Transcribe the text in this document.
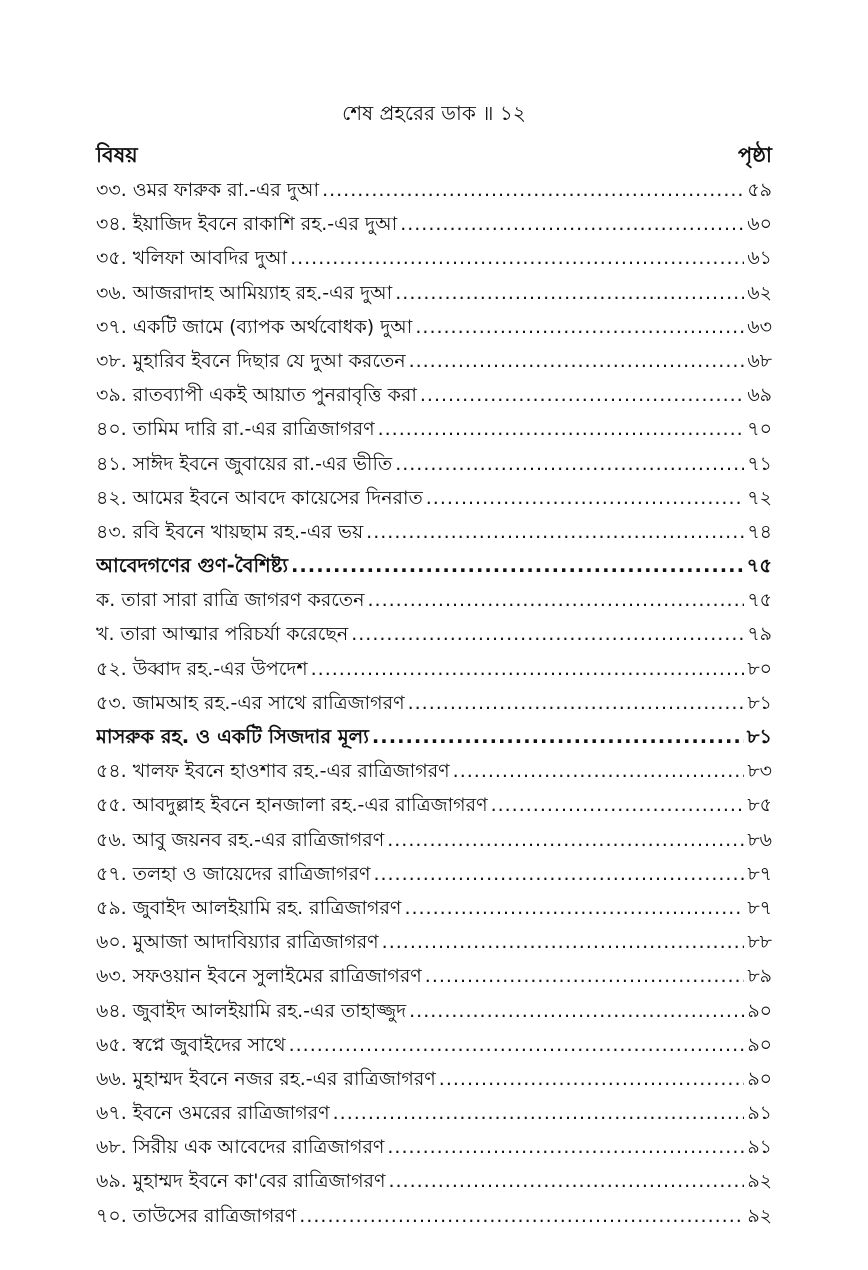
শেষ প্রহরের ডাক ॥ ১২
বিষয়	পৃষ্ঠা
৩৩. ওমর ফারুক রা.-এর দুআ .....	৫৯
৩৪. ইয়াজিদ ইবনে রাকাশি রহ.-এর দুআ .....	৬০
৩৫. খলিফা আবদির দুআ .....	৬১
৩৬. আজরাদাহ আমিয়্যাহ রহ.-এর দুআ .....	৬২
৩৭. একটি জামে (ব্যাপক অর্থবোধক) দুআ .....	৬৩
৩৮. মুহারিব ইবনে দিছার যে দুআ করতেন .....	৬৮
৩৯. রাতব্যাপী একই আয়াত পুনরাবৃত্তি করা .....	৬৯
৪০. তামিম দারি রা.-এর রাত্রিজাগরণ .....	৭০
৪১. সাঈদ ইবনে জুবায়ের রা.-এর ভীতি .....	৭১
৪২. আমের ইবনে আবদে কায়েসের দিনরাত .....	৭২
৪৩. রবি ইবনে খায়ছাম রহ.-এর ভয় .....	৭৪
আবেদগণের গুণ-বৈশিষ্ট্য .....	৭৫
ক. তারা সারা রাত্রি জাগরণ করতেন .....	৭৫
খ. তারা আত্মার পরিচর্যা করেছেন .....	৭৯
৫২. উব্বাদ রহ.-এর উপদেশ .....	৮০
৫৩. জামআহ রহ.-এর সাথে রাত্রিজাগরণ .....	৮১
মাসরুক রহ. ও একটি সিজদার মূল্য .....	৮১
৫৪. খালফ ইবনে হাওশাব রহ.-এর রাত্রিজাগরণ .....	৮৩
৫৫. আবদুল্লাহ ইবনে হানজালা রহ.-এর রাত্রিজাগরণ .....	৮৫
৫৬. আবু জয়নব রহ.-এর রাত্রিজাগরণ .....	৮৬
৫৭. তলহা ও জায়েদের রাত্রিজাগরণ .....	৮৭
৫৯. জুবাইদ আলইয়ামি রহ. রাত্রিজাগরণ .....	৮৭
৬০. মুআজা আদাবিয়্যার রাত্রিজাগরণ .....	৮৮
৬৩. সফওয়ান ইবনে সুলাইমের রাত্রিজাগরণ .....	৮৯
৬৪. জুবাইদ আলইয়ামি রহ.-এর তাহাজ্জুদ .....	৯০
৬৫. স্বপ্নে জুবাইদের সাথে .....	৯০
৬৬. মুহাম্মদ ইবনে নজর রহ.-এর রাত্রিজাগরণ .....	৯০
৬৭. ইবনে ওমরের রাত্রিজাগরণ .....	৯১
৬৮. সিরীয় এক আবেদের রাত্রিজাগরণ .....	৯১
৬৯. মুহাম্মদ ইবনে কা'বের রাত্রিজাগরণ .....	৯২
৭০. তাউসের রাত্রিজাগরণ .....	৯২
